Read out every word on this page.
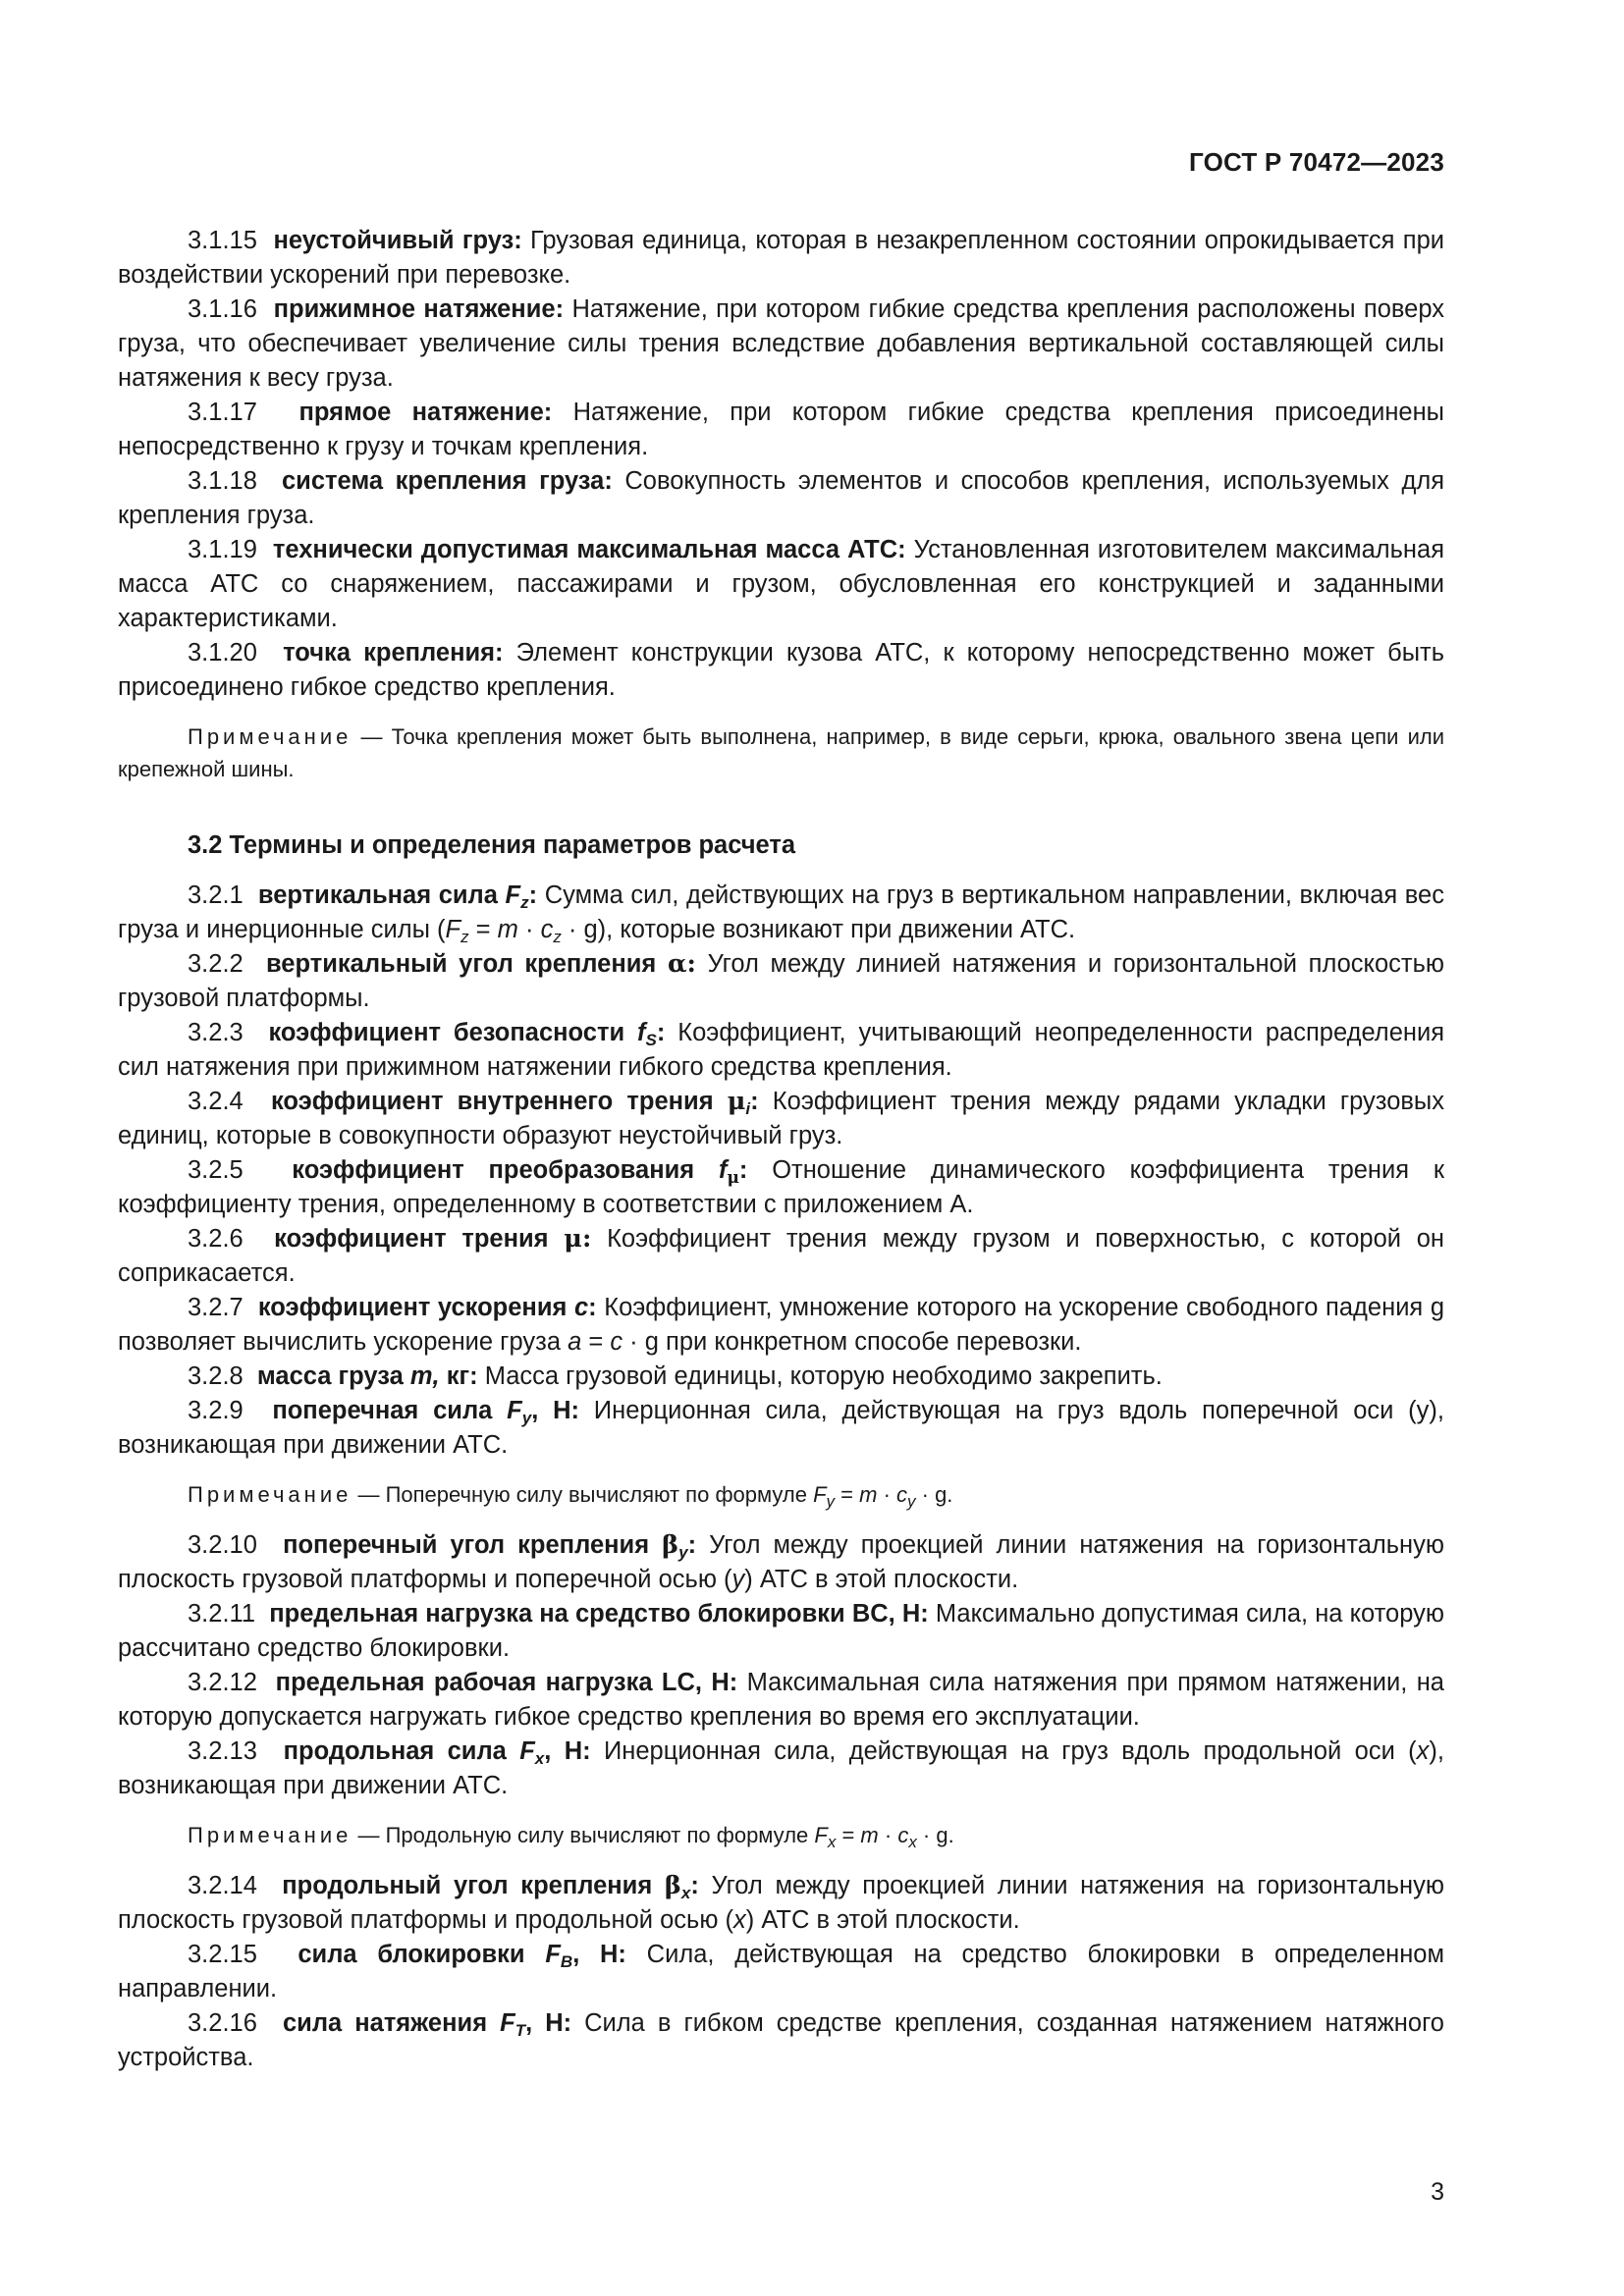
ГОСТ Р 70472—2023

3.1.15 неустойчивый груз: Грузовая единица, которая в незакрепленном состоянии опрокидывается при воздействии ускорений при перевозке.

3.1.16 прижимное натяжение: Натяжение, при котором гибкие средства крепления расположены поверх груза, что обеспечивает увеличение силы трения вследствие добавления вертикальной составляющей силы натяжения к весу груза.

3.1.17 прямое натяжение: Натяжение, при котором гибкие средства крепления присоединены непосредственно к грузу и точкам крепления.

3.1.18 система крепления груза: Совокупность элементов и способов крепления, используемых для крепления груза.

3.1.19 технически допустимая максимальная масса АТС: Установленная изготовителем максимальная масса АТС со снаряжением, пассажирами и грузом, обусловленная его конструкцией и заданными характеристиками.

3.1.20 точка крепления: Элемент конструкции кузова АТС, к которому непосредственно может быть присоединено гибкое средство крепления.

Примечание — Точка крепления может быть выполнена, например, в виде серьги, крюка, овального звена цепи или крепежной шины.

3.2 Термины и определения параметров расчета

3.2.1 вертикальная сила $F_z$: Сумма сил, действующих на груз в вертикальном направлении, включая вес груза и инерционные силы $(F_z = m \cdot c_z \cdot g)$, которые возникают при движении АТС.

3.2.2 вертикальный угол крепления α: Угол между линией натяжения и горизонтальной плоскостью грузовой платформы.

3.2.3 коэффициент безопасности $f_S$: Коэффициент, учитывающий неопределенности распределения сил натяжения при прижимном натяжении гибкого средства крепления.

3.2.4 коэффициент внутреннего трения $\mu_i$: Коэффициент трения между рядами укладки грузовых единиц, которые в совокупности образуют неустойчивый груз.

3.2.5 коэффициент преобразования $f_\mu$: Отношение динамического коэффициента трения к коэффициенту трения, определенному в соответствии с приложением А.

3.2.6 коэффициент трения μ: Коэффициент трения между грузом и поверхностью, с которой он соприкасается.

3.2.7 коэффициент ускорения c: Коэффициент, умножение которого на ускорение свободного падения g позволяет вычислить ускорение груза a = c · g при конкретном способе перевозки.

3.2.8 масса груза m, кг: Масса грузовой единицы, которую необходимо закрепить.

3.2.9 поперечная сила $F_y$, Н: Инерционная сила, действующая на груз вдоль поперечной оси (y), возникающая при движении АТС.

Примечание — Поперечную силу вычисляют по формуле $F_y = m \cdot c_y \cdot g$.

3.2.10 поперечный угол крепления $\beta_y$: Угол между проекцией линии натяжения на горизонтальную плоскость грузовой платформы и поперечной осью (y) АТС в этой плоскости.

3.2.11 предельная нагрузка на средство блокировки BC, Н: Максимально допустимая сила, на которую рассчитано средство блокировки.

3.2.12 предельная рабочая нагрузка LC, Н: Максимальная сила натяжения при прямом натяжении, на которую допускается нагружать гибкое средство крепления во время его эксплуатации.

3.2.13 продольная сила $F_x$, Н: Инерционная сила, действующая на груз вдоль продольной оси (x), возникающая при движении АТС.

Примечание — Продольную силу вычисляют по формуле $F_x = m \cdot c_x \cdot g$.

3.2.14 продольный угол крепления $\beta_x$: Угол между проекцией линии натяжения на горизонтальную плоскость грузовой платформы и продольной осью (x) АТС в этой плоскости.

3.2.15 сила блокировки $F_B$, Н: Сила, действующая на средство блокировки в определенном направлении.

3.2.16 сила натяжения $F_T$, Н: Сила в гибком средстве крепления, созданная натяжением натяжного устройства.

3
